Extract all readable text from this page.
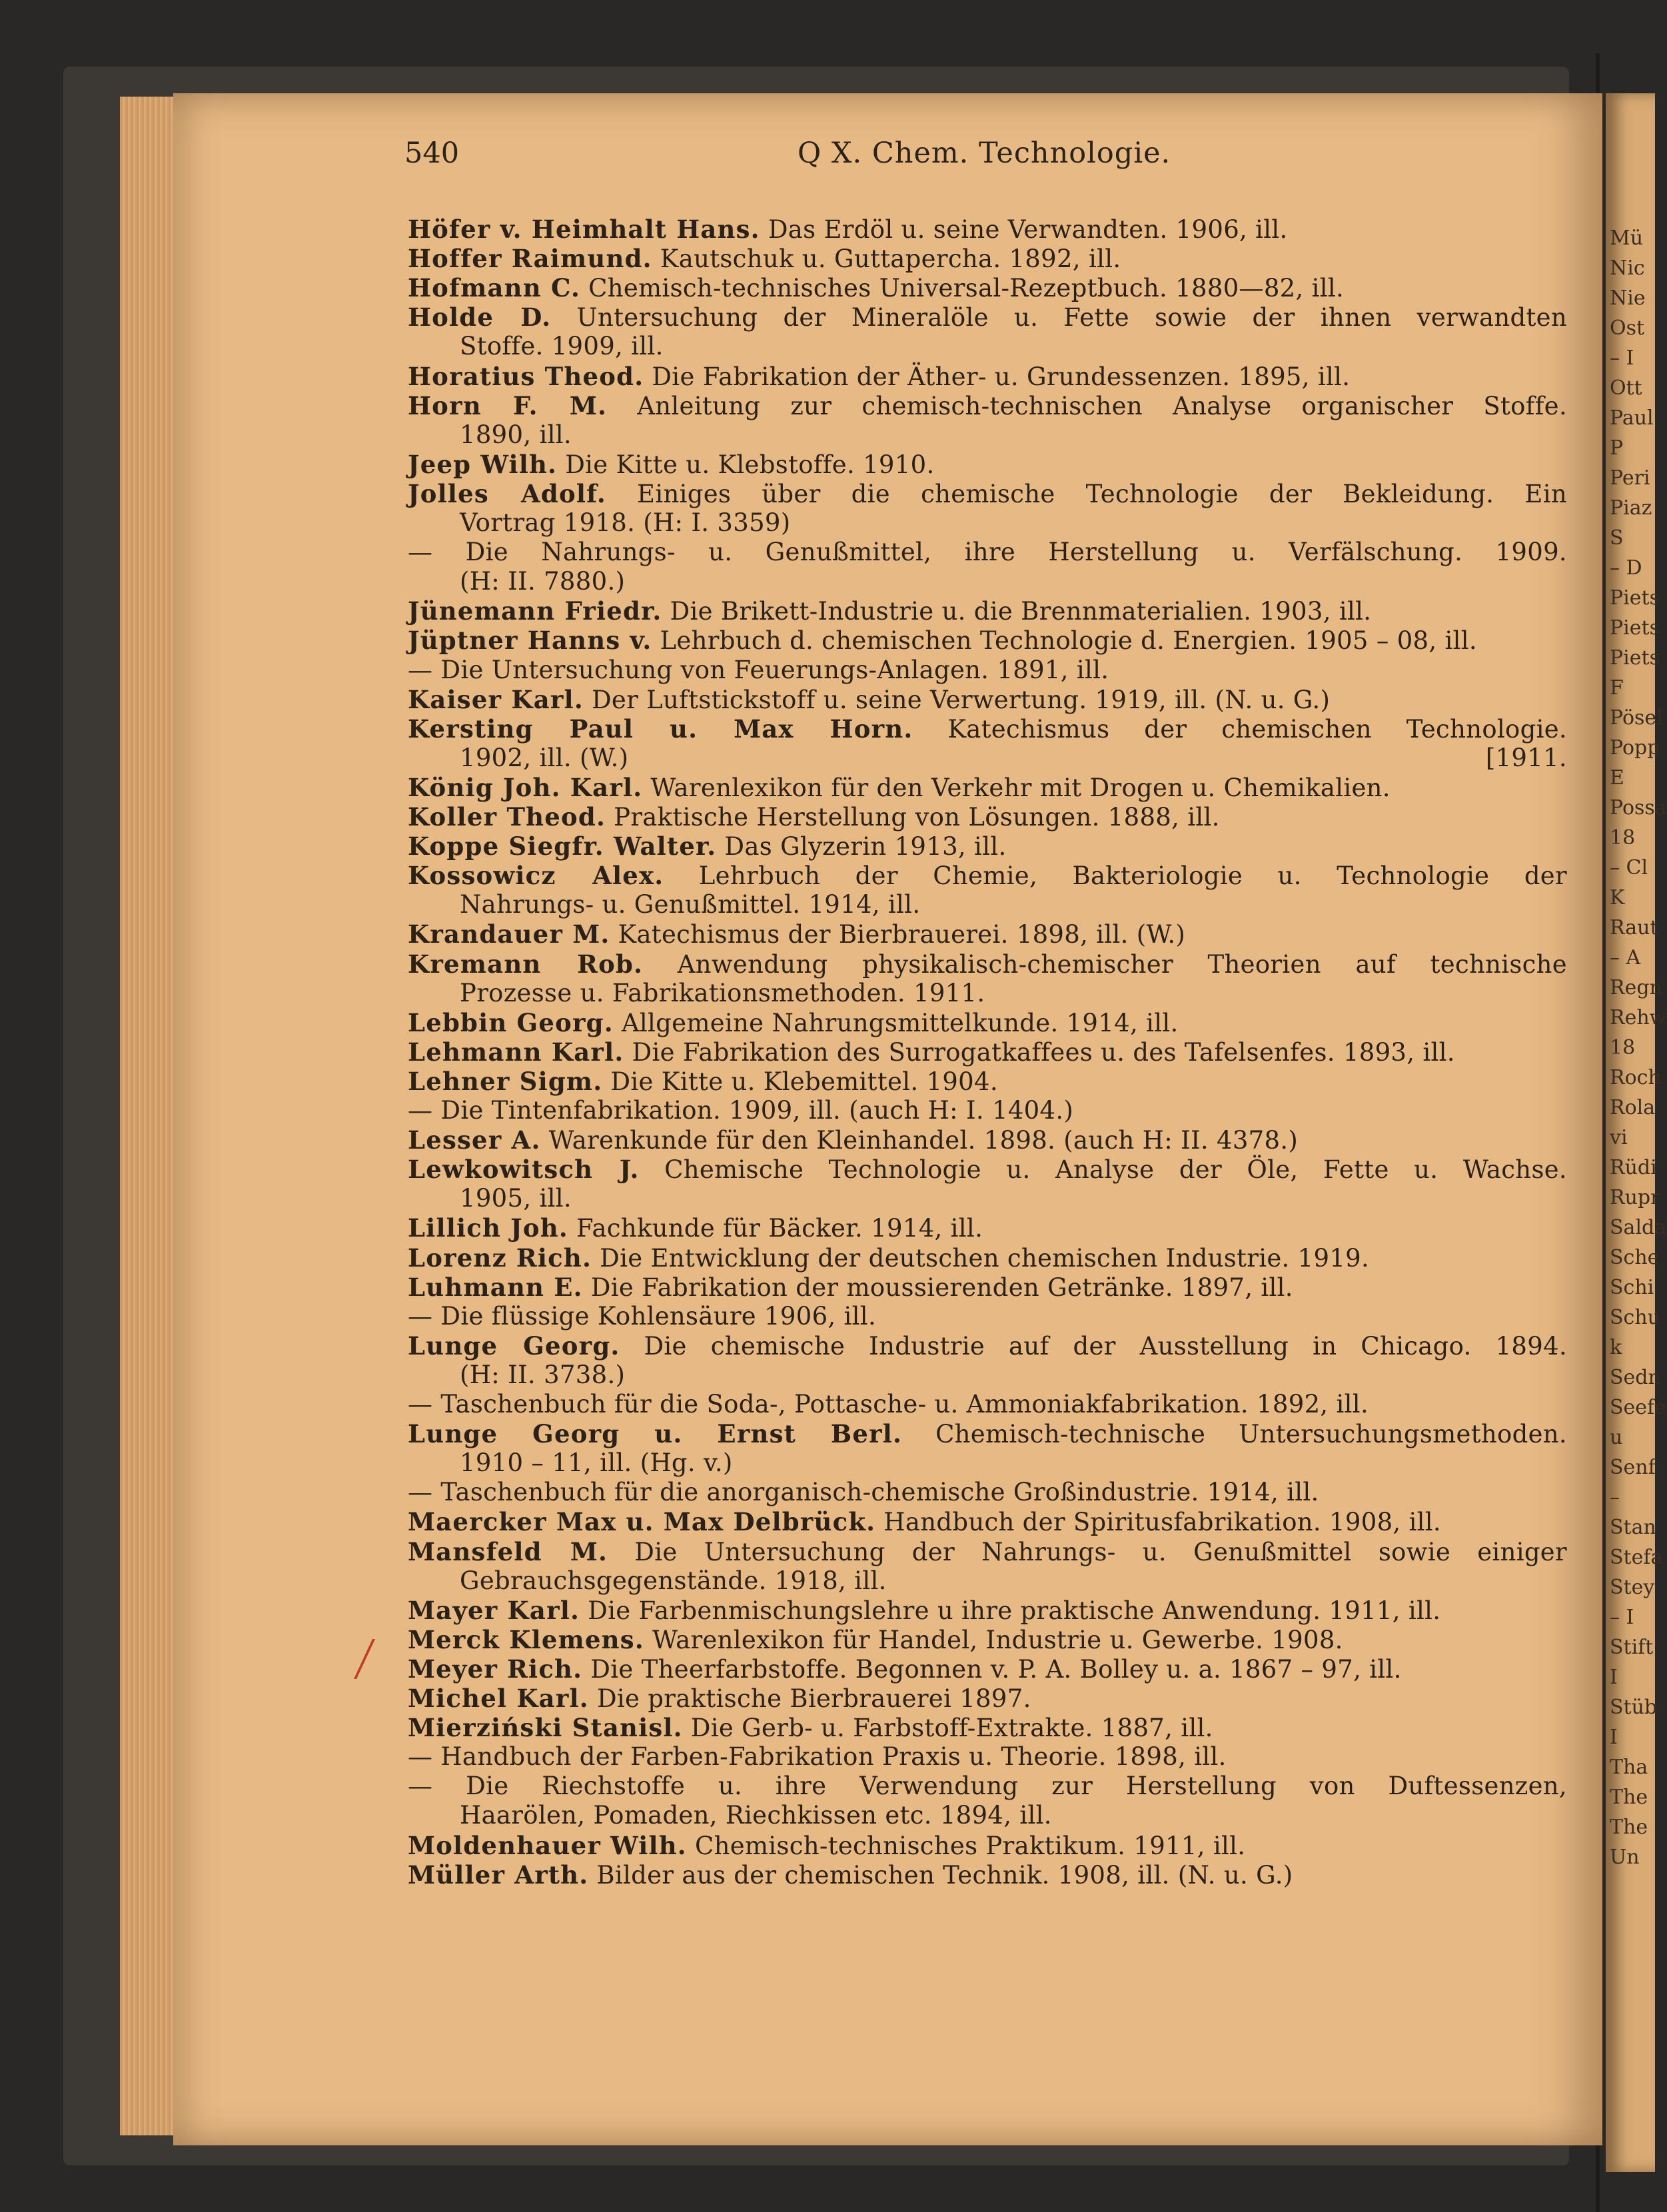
Mü
Nic
Nie
Ost
– I
Ott
Paul
P
Peri
Piaz
S
– D
Piets
Piets
Piets
F
Pösel
Popp
E
Possa
18
– Cl
K
Raut
– A
Regn
Rehw
18
Roch
Rola
vi
Rüdi
Rupr
Salda
Sche
Schi
Schu
k
Sedn
Seefe
u
Senf
–
Stan
Stefa
Stey
– I
Stift
I
Stüb
I
Tha
The
The
Un
540	Q X. Chem. Technologie.
Höfer v. Heimhalt Hans. Das Erdöl u. seine Verwandten. 1906, ill.
Hoffer Raimund. Kautschuk u. Guttapercha. 1892, ill.
Hofmann C. Chemisch-technisches Universal-Rezeptbuch. 1880—82, ill.
Holde D. Untersuchung der Mineralöle u. Fette sowie der ihnen verwandten
Stoffe. 1909, ill.
Horatius Theod. Die Fabrikation der Äther- u. Grundessenzen. 1895, ill.
Horn F. M. Anleitung zur chemisch-technischen Analyse organischer Stoffe.
1890, ill.
Jeep Wilh. Die Kitte u. Klebstoffe. 1910.
Jolles Adolf. Einiges über die chemische Technologie der Bekleidung. Ein
Vortrag 1918. (H: I. 3359)
— Die Nahrungs- u. Genußmittel, ihre Herstellung u. Verfälschung. 1909.
(H: II. 7880.)
Jünemann Friedr. Die Brikett-Industrie u. die Brennmaterialien. 1903, ill.
Jüptner Hanns v. Lehrbuch d. chemischen Technologie d. Energien. 1905 – 08, ill.
— Die Untersuchung von Feuerungs-Anlagen. 1891, ill.
Kaiser Karl. Der Luftstickstoff u. seine Verwertung. 1919, ill. (N. u. G.)
Kersting Paul u. Max Horn. Katechismus der chemischen Technologie.
1902, ill. (W.)	[1911.
König Joh. Karl. Warenlexikon für den Verkehr mit Drogen u. Chemikalien.
Koller Theod. Praktische Herstellung von Lösungen. 1888, ill.
Koppe Siegfr. Walter. Das Glyzerin 1913, ill.
Kossowicz Alex. Lehrbuch der Chemie, Bakteriologie u. Technologie der
Nahrungs- u. Genußmittel. 1914, ill.
Krandauer M. Katechismus der Bierbrauerei. 1898, ill. (W.)
Kremann Rob. Anwendung physikalisch-chemischer Theorien auf technische
Prozesse u. Fabrikationsmethoden. 1911.
Lebbin Georg. Allgemeine Nahrungsmittelkunde. 1914, ill.
Lehmann Karl. Die Fabrikation des Surrogatkaffees u. des Tafelsenfes. 1893, ill.
Lehner Sigm. Die Kitte u. Klebemittel. 1904.
— Die Tintenfabrikation. 1909, ill. (auch H: I. 1404.)
Lesser A. Warenkunde für den Kleinhandel. 1898. (auch H: II. 4378.)
Lewkowitsch J. Chemische Technologie u. Analyse der Öle, Fette u. Wachse.
1905, ill.
Lillich Joh. Fachkunde für Bäcker. 1914, ill.
Lorenz Rich. Die Entwicklung der deutschen chemischen Industrie. 1919.
Luhmann E. Die Fabrikation der moussierenden Getränke. 1897, ill.
— Die flüssige Kohlensäure 1906, ill.
Lunge Georg. Die chemische Industrie auf der Ausstellung in Chicago. 1894.
(H: II. 3738.)
— Taschenbuch für die Soda-, Pottasche- u. Ammoniakfabrikation. 1892, ill.
Lunge Georg u. Ernst Berl. Chemisch-technische Untersuchungsmethoden.
1910 – 11, ill. (Hg. v.)
— Taschenbuch für die anorganisch-chemische Großindustrie. 1914, ill.
Maercker Max u. Max Delbrück. Handbuch der Spiritusfabrikation. 1908, ill.
Mansfeld M. Die Untersuchung der Nahrungs- u. Genußmittel sowie einiger
Gebrauchsgegenstände. 1918, ill.
Mayer Karl. Die Farbenmischungslehre u ihre praktische Anwendung. 1911, ill.
Merck Klemens. Warenlexikon für Handel, Industrie u. Gewerbe. 1908.
Meyer Rich. Die Theerfarbstoffe. Begonnen v. P. A. Bolley u. a. 1867 – 97, ill.
Michel Karl. Die praktische Bierbrauerei 1897.
Mierziński Stanisl. Die Gerb- u. Farbstoff-Extrakte. 1887, ill.
— Handbuch der Farben-Fabrikation Praxis u. Theorie. 1898, ill.
— Die Riechstoffe u. ihre Verwendung zur Herstellung von Duftessenzen,
Haarölen, Pomaden, Riechkissen etc. 1894, ill.
Moldenhauer Wilh. Chemisch-technisches Praktikum. 1911, ill.
Müller Arth. Bilder aus der chemischen Technik. 1908, ill. (N. u. G.)
